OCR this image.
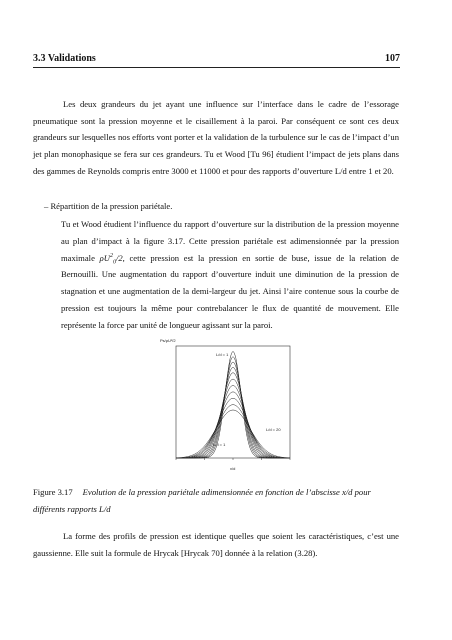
3.3 Validations	107
Les deux grandeurs du jet ayant une influence sur l’interface dans le cadre de l’essorage pneumatique sont la pression moyenne et le cisaillement à la paroi. Par conséquent ce sont ces deux grandeurs sur lesquelles nos efforts vont porter et la validation de la turbulence sur le cas de l’impact d’un jet plan monophasique se fera sur ces grandeurs. Tu et Wood [Tu 96] étudient l’impact de jets plans dans des gammes de Reynolds compris entre 3000 et 11000 et pour des rapports d’ouverture L/d entre 1 et 20.
– Répartition de la pression pariétale.
Tu et Wood étudient l’influence du rapport d’ouverture sur la distribution de la pression moyenne au plan d’impact à la figure 3.17. Cette pression pariétale est adimensionnée par la pression maximale $\rho U^2_0/2$, cette pression est la pression en sortie de buse, issue de la relation de Bernouilli. Une augmentation du rapport d’ouverture induit une diminution de la pression de stagnation et une augmentation de la demi-largeur du jet. Ainsi l’aire contenue sous la courbe de pression est toujours la même pour contrebalancer le flux de quantité de mouvement. Elle représente la force par unité de longueur agissant sur la paroi.
Ps/ρU²/2
x/d
L/d = 1
L/d = 20
L/d = 1
Figure 3.17 Evolution de la pression pariétale adimensionnée en fonction de l’abscisse x/d pour différents rapports L/d
La forme des profils de pression est identique quelles que soient les caractéristiques, c’est une gaussienne. Elle suit la formule de Hrycak [Hrycak 70] donnée à la relation (3.28).
